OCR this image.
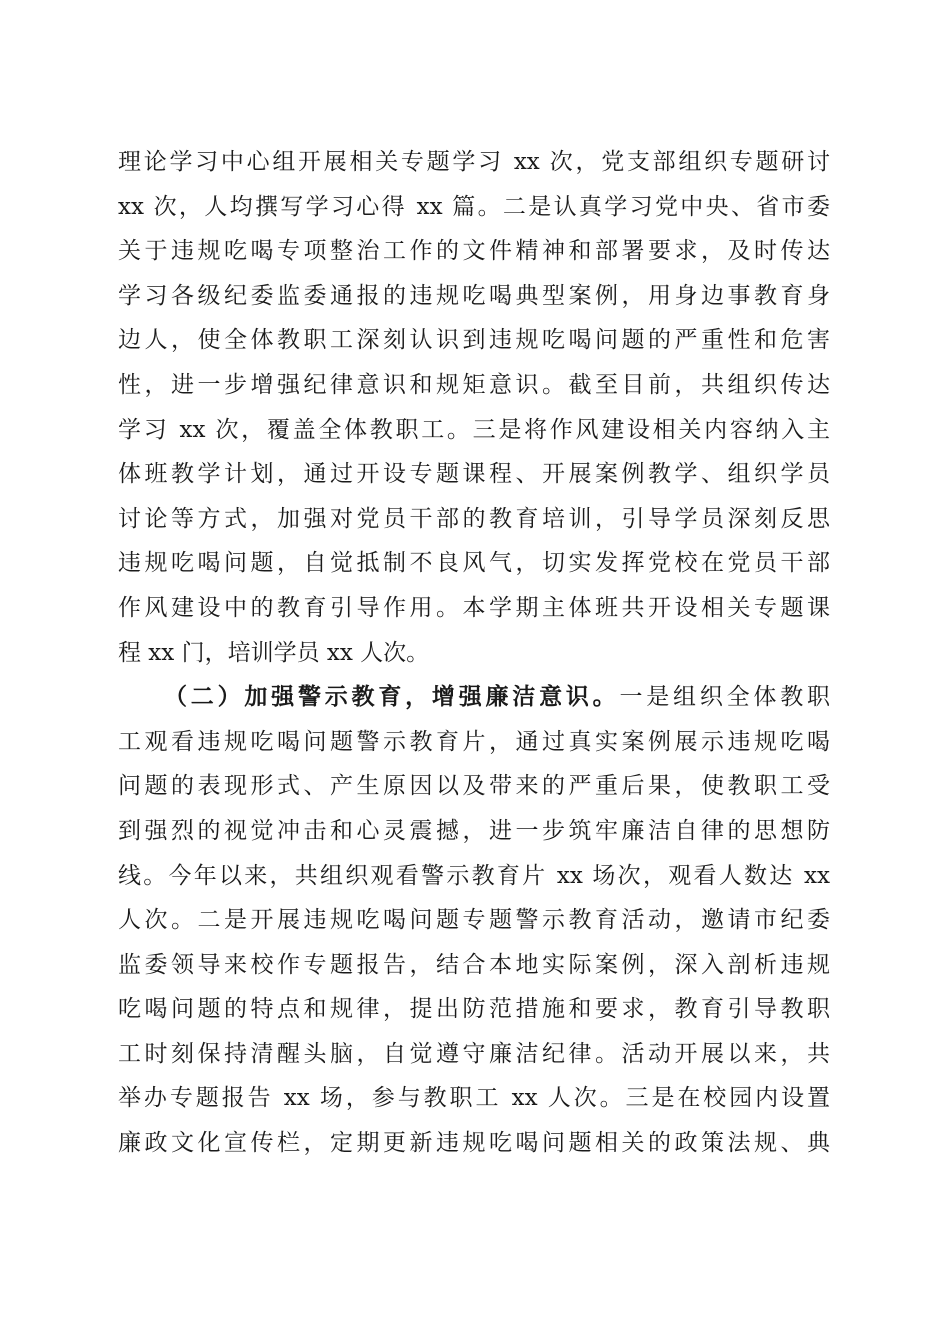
理论学习中心组开展相关专题学习 xx 次，党支部组织专题研讨
xx 次，人均撰写学习心得 xx 篇。二是认真学习党中央、省市委
关于违规吃喝专项整治工作的文件精神和部署要求，及时传达
学习各级纪委监委通报的违规吃喝典型案例，用身边事教育身
边人，使全体教职工深刻认识到违规吃喝问题的严重性和危害
性，进一步增强纪律意识和规矩意识。截至目前，共组织传达
学习 xx 次，覆盖全体教职工。三是将作风建设相关内容纳入主
体班教学计划，通过开设专题课程、开展案例教学、组织学员
讨论等方式，加强对党员干部的教育培训，引导学员深刻反思
违规吃喝问题，自觉抵制不良风气，切实发挥党校在党员干部
作风建设中的教育引导作用。本学期主体班共开设相关专题课
程 xx 门，培训学员 xx 人次。
（二）加强警示教育，增强廉洁意识。一是组织全体教职
工观看违规吃喝问题警示教育片，通过真实案例展示违规吃喝
问题的表现形式、产生原因以及带来的严重后果，使教职工受
到强烈的视觉冲击和心灵震撼，进一步筑牢廉洁自律的思想防
线。今年以来，共组织观看警示教育片 xx 场次，观看人数达 xx
人次。二是开展违规吃喝问题专题警示教育活动，邀请市纪委
监委领导来校作专题报告，结合本地实际案例，深入剖析违规
吃喝问题的特点和规律，提出防范措施和要求，教育引导教职
工时刻保持清醒头脑，自觉遵守廉洁纪律。活动开展以来，共
举办专题报告 xx 场，参与教职工 xx 人次。三是在校园内设置
廉政文化宣传栏，定期更新违规吃喝问题相关的政策法规、典
